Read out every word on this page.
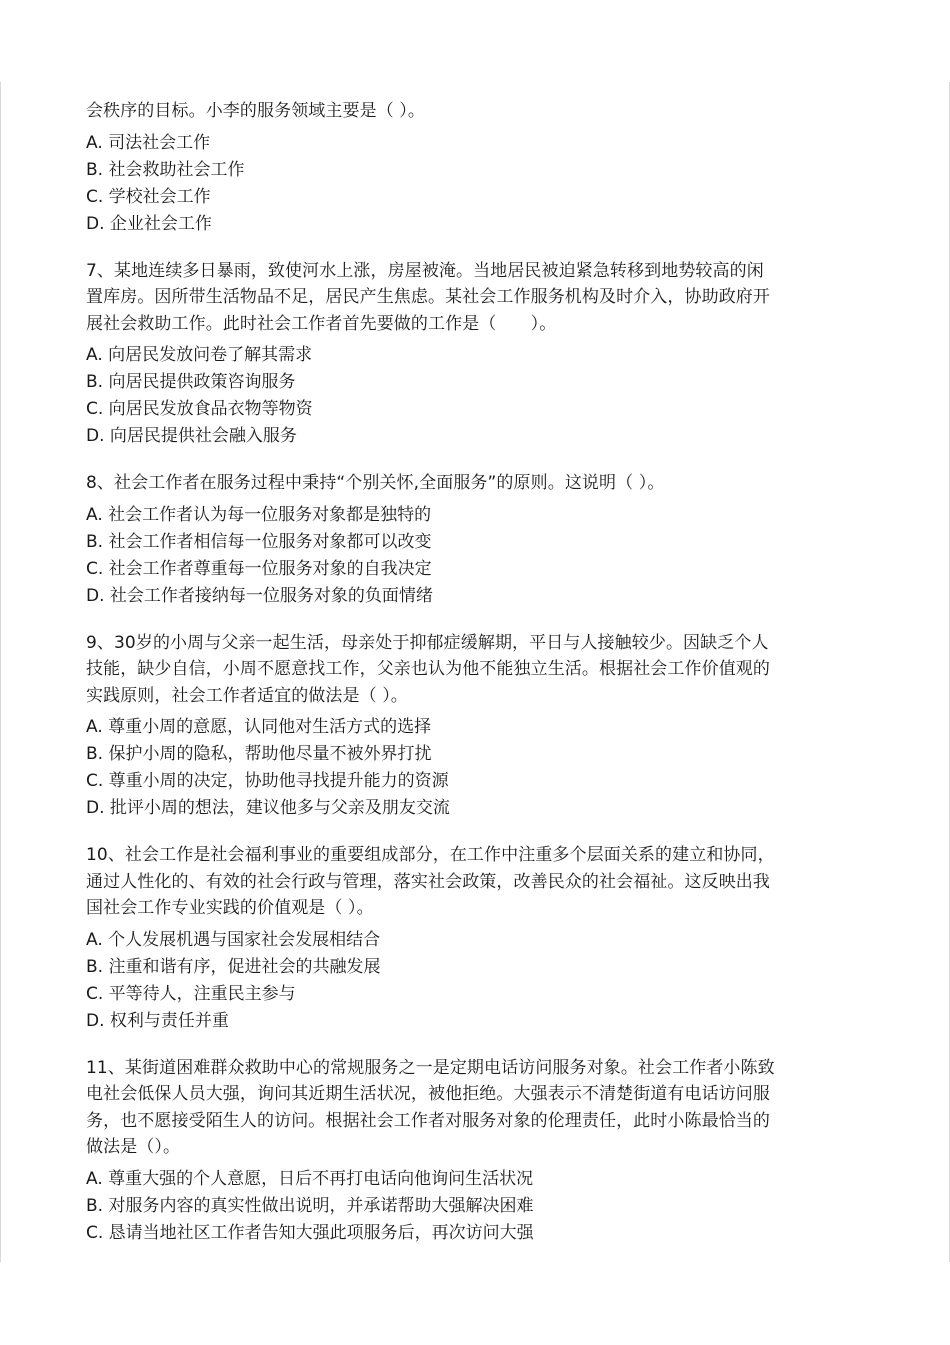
会秩序的目标。小李的服务领域主要是（ ）。
A. 司法社会工作
B. 社会救助社会工作
C. 学校社会工作
D. 企业社会工作
7、某地连续多日暴雨，致使河水上涨，房屋被淹。当地居民被迫紧急转移到地势较高的闲
置库房。因所带生活物品不足，居民产生焦虑。某社会工作服务机构及时介入，协助政府开
展社会救助工作。此时社会工作者首先要做的工作是（　　）。
A. 向居民发放问卷了解其需求
B. 向居民提供政策咨询服务
C. 向居民发放食品衣物等物资
D. 向居民提供社会融入服务
8、社会工作者在服务过程中秉持“个别关怀,全面服务”的原则。这说明（ ）。
A. 社会工作者认为每一位服务对象都是独特的
B. 社会工作者相信每一位服务对象都可以改变
C. 社会工作者尊重每一位服务对象的自我决定
D. 社会工作者接纳每一位服务对象的负面情绪
9、30岁的小周与父亲一起生活，母亲处于抑郁症缓解期，平日与人接触较少。因缺乏个人
技能，缺少自信，小周不愿意找工作，父亲也认为他不能独立生活。根据社会工作价值观的
实践原则，社会工作者适宜的做法是（ ）。
A. 尊重小周的意愿，认同他对生活方式的选择
B. 保护小周的隐私，帮助他尽量不被外界打扰
C. 尊重小周的决定，协助他寻找提升能力的资源
D. 批评小周的想法，建议他多与父亲及朋友交流
10、社会工作是社会福利事业的重要组成部分，在工作中注重多个层面关系的建立和协同，
通过人性化的、有效的社会行政与管理，落实社会政策，改善民众的社会福祉。这反映出我
国社会工作专业实践的价值观是（ ）。
A. 个人发展机遇与国家社会发展相结合
B. 注重和谐有序，促进社会的共融发展
C. 平等待人，注重民主参与
D. 权利与责任并重
11、某街道困难群众救助中心的常规服务之一是定期电话访问服务对象。社会工作者小陈致
电社会低保人员大强，询问其近期生活状况，被他拒绝。大强表示不清楚街道有电话访问服
务，也不愿接受陌生人的访问。根据社会工作者对服务对象的伦理责任，此时小陈最恰当的
做法是（）。
A. 尊重大强的个人意愿，日后不再打电话向他询问生活状况
B. 对服务内容的真实性做出说明，并承诺帮助大强解决困难
C. 恳请当地社区工作者告知大强此项服务后，再次访问大强
